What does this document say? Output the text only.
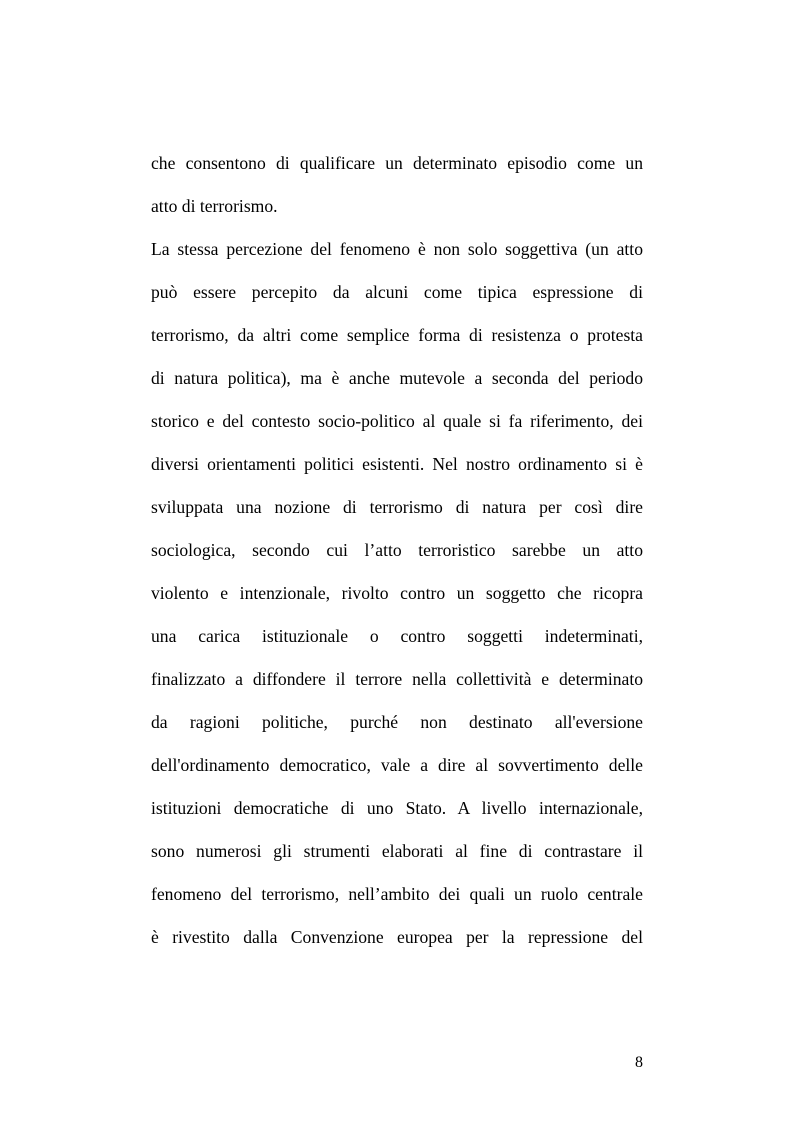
che consentono di qualificare un determinato episodio come un
atto di terrorismo.
La stessa percezione del fenomeno è non solo soggettiva (un atto
può essere percepito da alcuni come tipica espressione di
terrorismo, da altri come semplice forma di resistenza o protesta
di natura politica), ma è anche mutevole a seconda del periodo
storico e del contesto socio-politico al quale si fa riferimento, dei
diversi orientamenti politici esistenti. Nel nostro ordinamento si è
sviluppata una nozione di terrorismo di natura per così dire
sociologica, secondo cui l’atto terroristico sarebbe un atto
violento e intenzionale, rivolto contro un soggetto che ricopra
una carica istituzionale o contro soggetti indeterminati,
finalizzato a diffondere il terrore nella collettività e determinato
da ragioni politiche, purché non destinato all'eversione
dell'ordinamento democratico, vale a dire al sovvertimento delle
istituzioni democratiche di uno Stato. A livello internazionale,
sono numerosi gli strumenti elaborati al fine di contrastare il
fenomeno del terrorismo, nell’ambito dei quali un ruolo centrale
è rivestito dalla Convenzione europea per la repressione del
8
